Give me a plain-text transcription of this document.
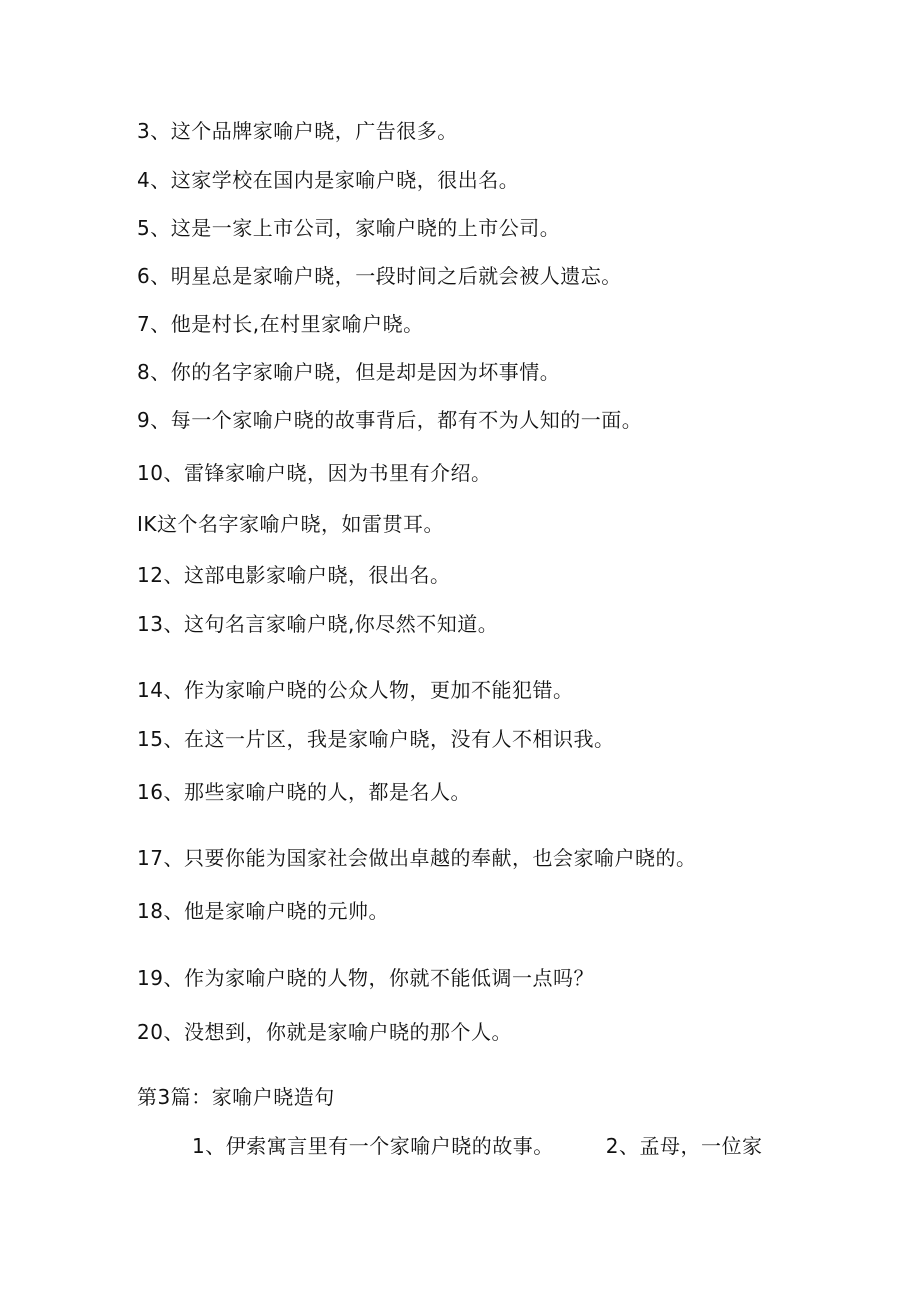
3、这个品牌家喻户晓，广告很多。
4、这家学校在国内是家喻户晓，很出名。
5、这是一家上市公司，家喻户晓的上市公司。
6、明星总是家喻户晓，一段时间之后就会被人遗忘。
7、他是村长,在村里家喻户晓。
8、你的名字家喻户晓，但是却是因为坏事情。
9、每一个家喻户晓的故事背后，都有不为人知的一面。
10、雷锋家喻户晓，因为书里有介绍。
IK这个名字家喻户晓，如雷贯耳。
12、这部电影家喻户晓，很出名。
13、这句名言家喻户晓,你尽然不知道。
14、作为家喻户晓的公众人物，更加不能犯错。
15、在这一片区，我是家喻户晓，没有人不相识我。
16、那些家喻户晓的人，都是名人。
17、只要你能为国家社会做出卓越的奉献，也会家喻户晓的。
18、他是家喻户晓的元帅。
19、作为家喻户晓的人物，你就不能低调一点吗？
20、没想到，你就是家喻户晓的那个人。
第3篇：家喻户晓造句
1、伊索寓言里有一个家喻户晓的故事。	2、孟母，一位家
